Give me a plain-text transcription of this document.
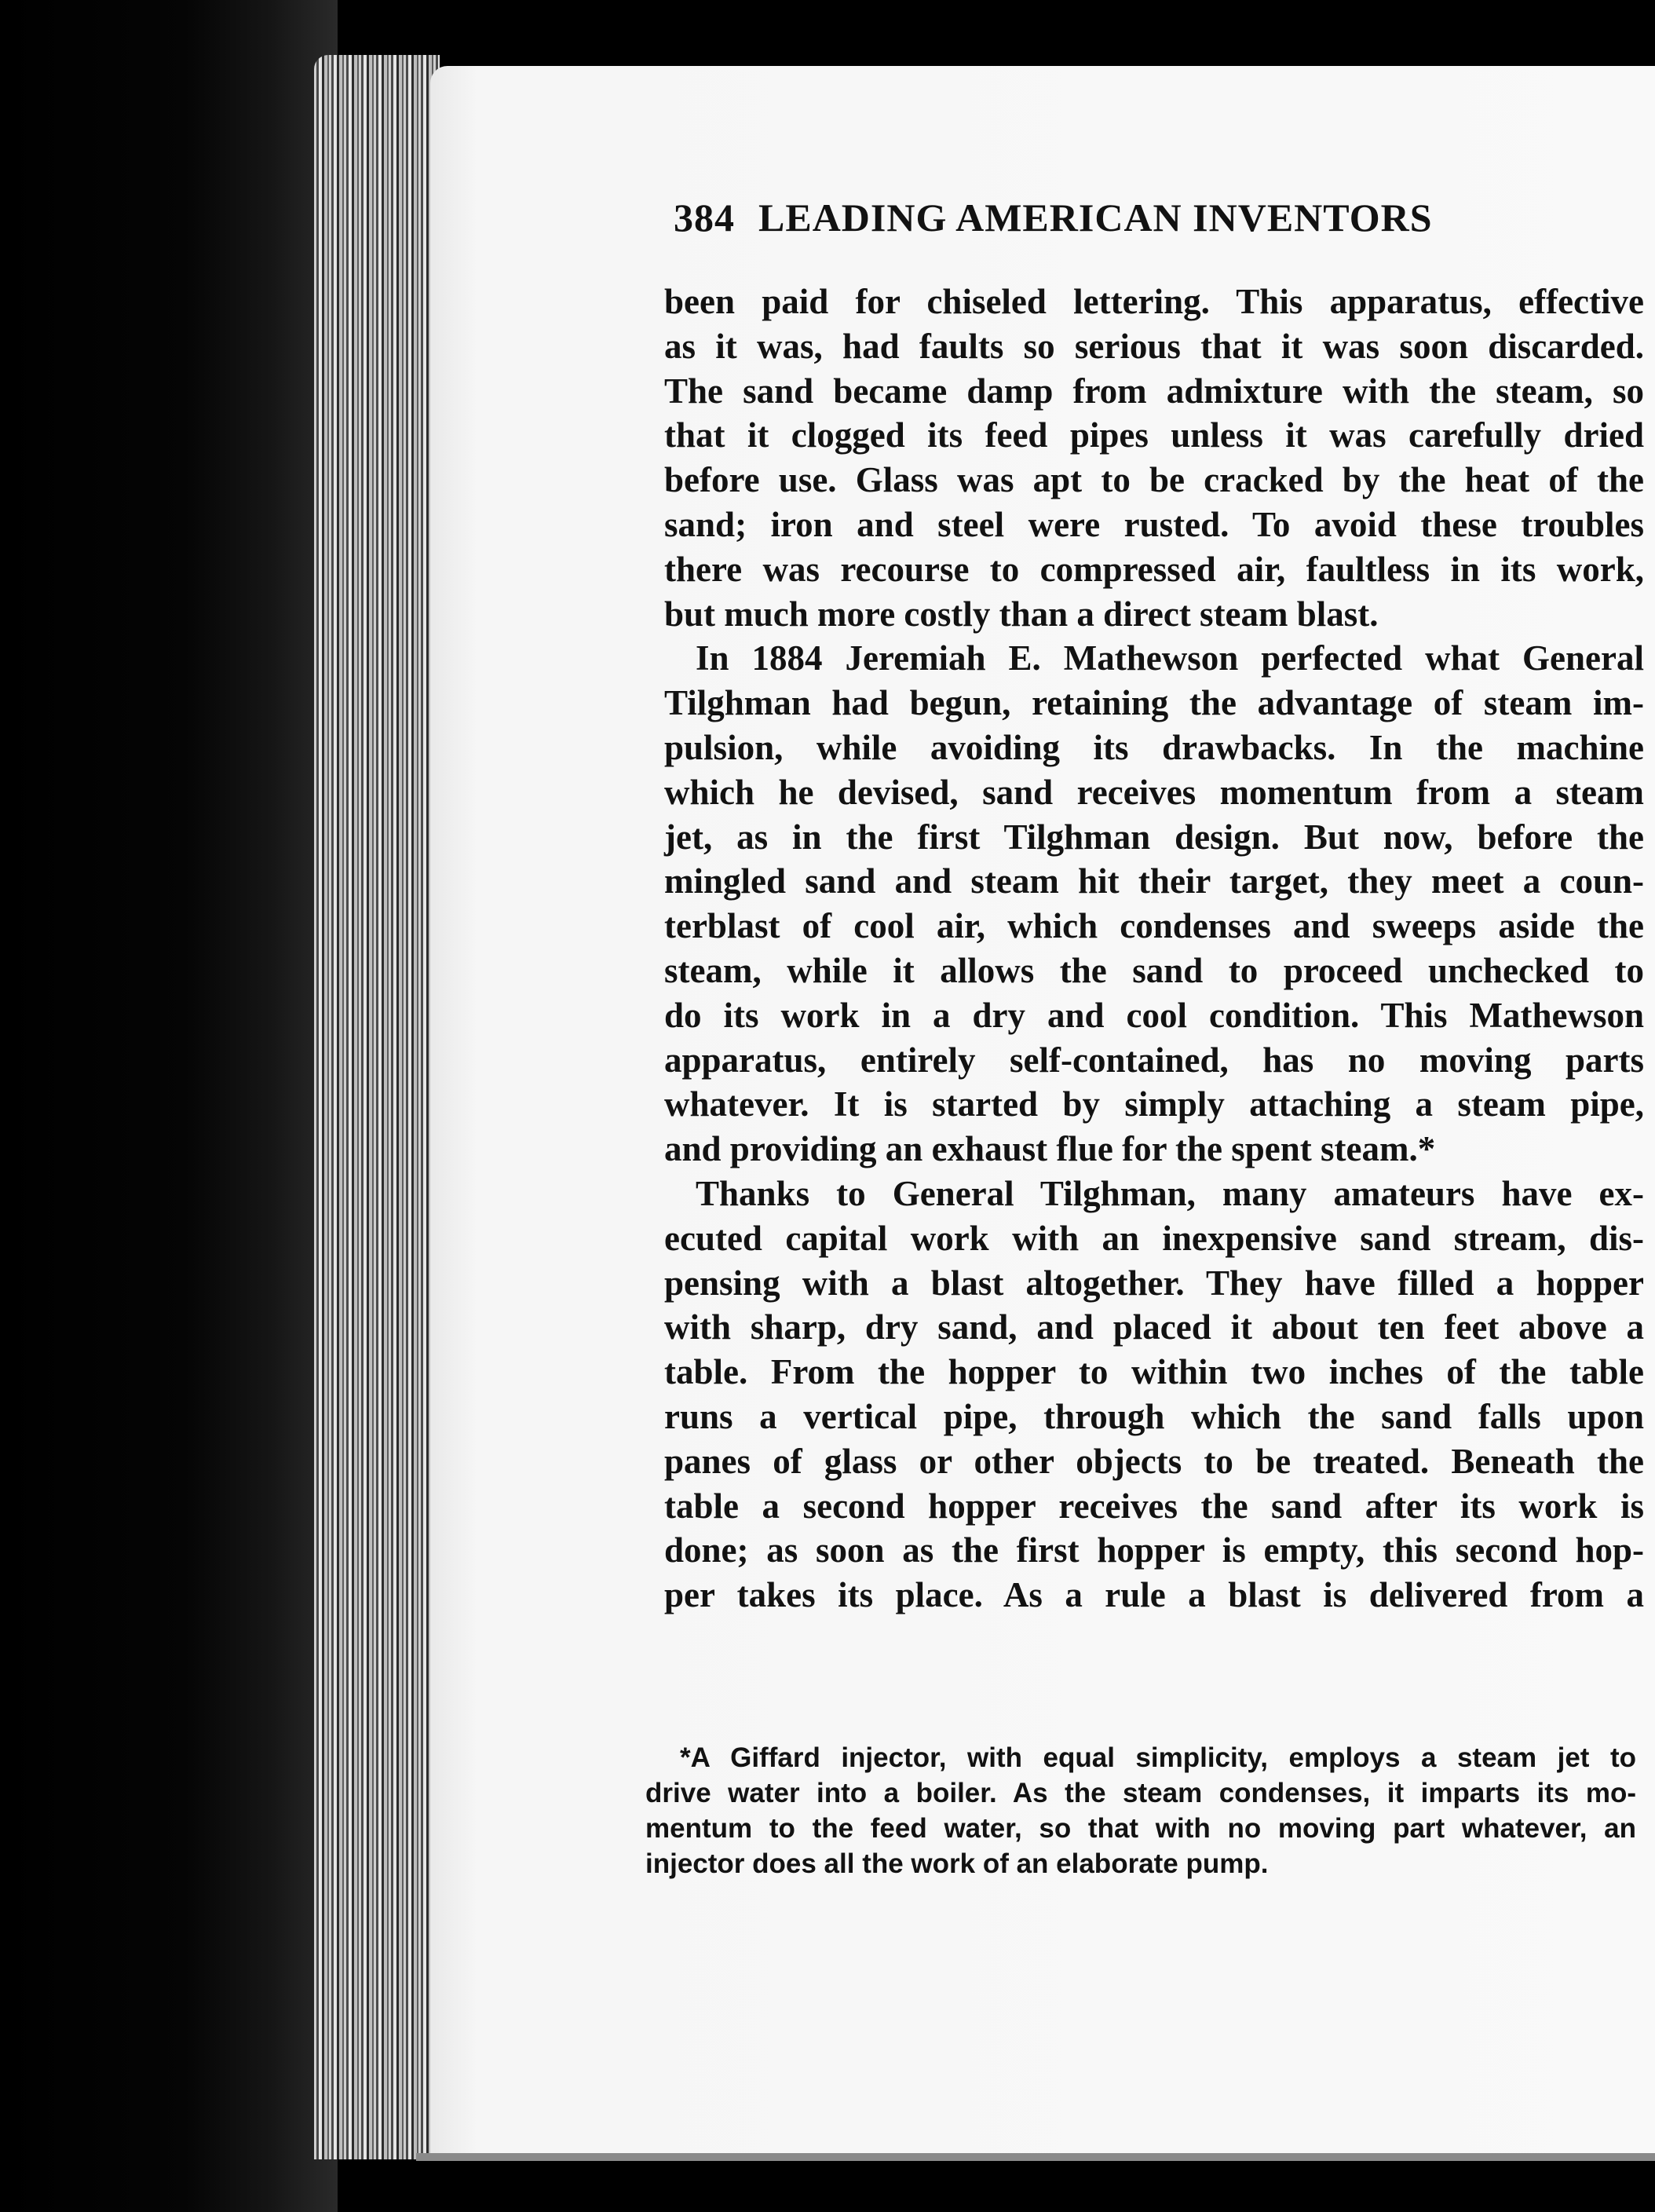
384 LEADING AMERICAN INVENTORS
been paid for chiseled lettering. This apparatus, effective
as it was, had faults so serious that it was soon discarded.
The sand became damp from admixture with the steam, so
that it clogged its feed pipes unless it was carefully dried
before use. Glass was apt to be cracked by the heat of the
sand; iron and steel were rusted. To avoid these troubles
there was recourse to compressed air, faultless in its work,
but much more costly than a direct steam blast.
In 1884 Jeremiah E. Mathewson perfected what General
Tilghman had begun, retaining the advantage of steam im-
pulsion, while avoiding its drawbacks. In the machine
which he devised, sand receives momentum from a steam
jet, as in the first Tilghman design. But now, before the
mingled sand and steam hit their target, they meet a coun-
terblast of cool air, which condenses and sweeps aside the
steam, while it allows the sand to proceed unchecked to
do its work in a dry and cool condition. This Mathewson
apparatus, entirely self-contained, has no moving parts
whatever. It is started by simply attaching a steam pipe,
and providing an exhaust flue for the spent steam.*
Thanks to General Tilghman, many amateurs have ex-
ecuted capital work with an inexpensive sand stream, dis-
pensing with a blast altogether. They have filled a hopper
with sharp, dry sand, and placed it about ten feet above a
table. From the hopper to within two inches of the table
runs a vertical pipe, through which the sand falls upon
panes of glass or other objects to be treated. Beneath the
table a second hopper receives the sand after its work is
done; as soon as the first hopper is empty, this second hop-
per takes its place. As a rule a blast is delivered from a
*A Giffard injector, with equal simplicity, employs a steam jet to
drive water into a boiler. As the steam condenses, it imparts its mo-
mentum to the feed water, so that with no moving part whatever, an
injector does all the work of an elaborate pump.
